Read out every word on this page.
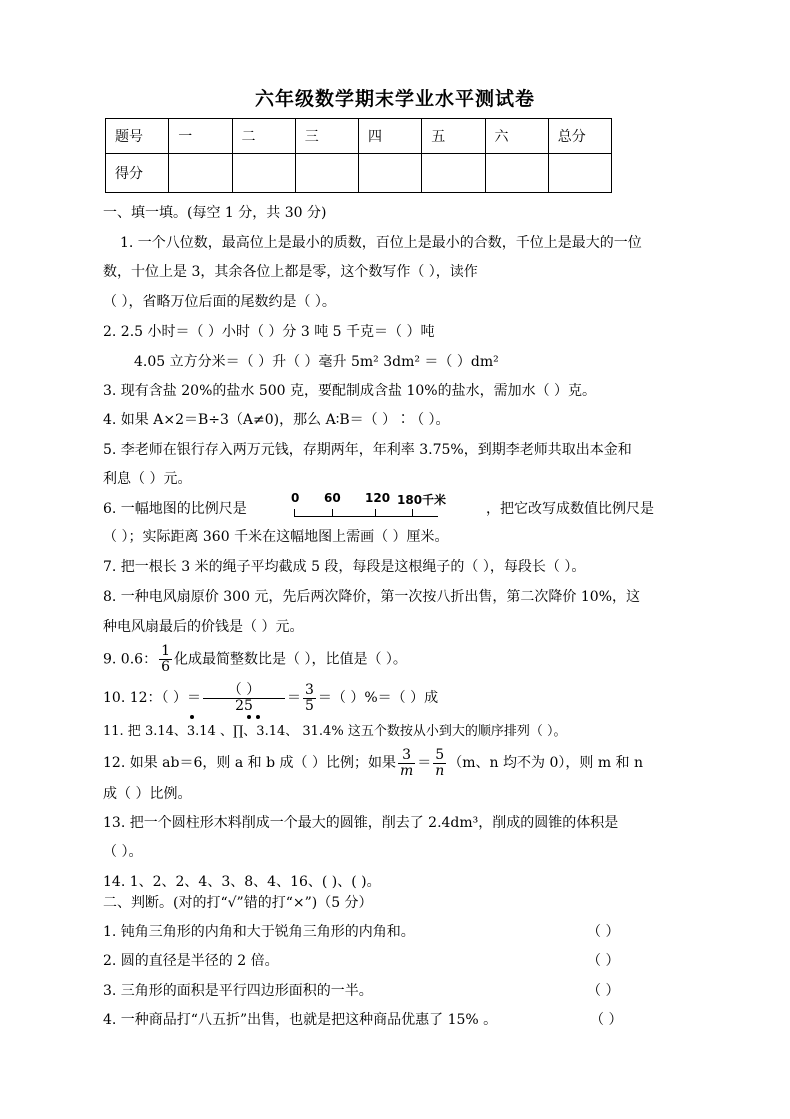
六年级数学期末学业水平测试卷
题号	一	二	三	四	五	六	总分
得分							
一、填一填。(每空 1 分，共 30 分)
1. 一个八位数，最高位上是最小的质数，百位上是最小的合数，千位上是最大的一位
数，十位上是 3，其余各位上都是零，这个数写作（ ），读作
（ ），省略万位后面的尾数约是（ ）。
2. 2.5 小时＝（ ）小时（ ）分 3 吨 5 千克＝（ ）吨
4.05 立方分米＝（ ）升（ ）毫升 5m² 3dm² ＝（ ）dm²
3. 现有含盐 20%的盐水 500 克，要配制成含盐 10%的盐水，需加水（ ）克。
4. 如果 A×2＝B÷3（A≠0)，那么 A∶B＝（ ）∶（ ）。
5. 李老师在银行存入两万元钱，存期两年，年利率 3.75%，到期李老师共取出本金和
利息（ ）元。
6. 一幅地图的比例尺是
0 60 120 180千米
，把它改写成数值比例尺是
（ ）；实际距离 360 千米在这幅地图上需画（ ）厘米。
7. 把一根长 3 米的绳子平均截成 5 段，每段是这根绳子的（ ），每段长（ ）。
8. 一种电风扇原价 300 元，先后两次降价，第一次按八折出售，第二次降价 10%，这
种电风扇最后的价钱是（ ）元。
9. 0.6： $\frac{1}{6}$ 化成最简整数比是（ ），比值是（ ）。
10. 12：（ ）＝ $\frac{( )}{25} = \frac{3}{5}$ ＝（ ）%＝（ ）成
11. 把 3.14、3.14 、∏、3.14、 31.4% 这五个数按从小到大的顺序排列（ ）。
12. 如果 ab＝6，则 a 和 b 成（ ）比例；如果 $\frac{3}{m} = \frac{5}{n} (m$、n 均不为 0），则 m 和 n
成（ ）比例。
13. 把一个圆柱形木料削成一个最大的圆锥，削去了 2.4dm³，削成的圆锥的体积是
（ ）。
14. 1、2、2、4、3、8、4、16、( )、( )。
二、判断。(对的打“√”错的打“×”)（5 分）
1. 钝角三角形的内角和大于锐角三角形的内角和。	（ ）
2. 圆的直径是半径的 2 倍。	（ ）
3. 三角形的面积是平行四边形面积的一半。	（ ）
4. 一种商品打“八五折”出售，也就是把这种商品优惠了 15% 。	（ ）
